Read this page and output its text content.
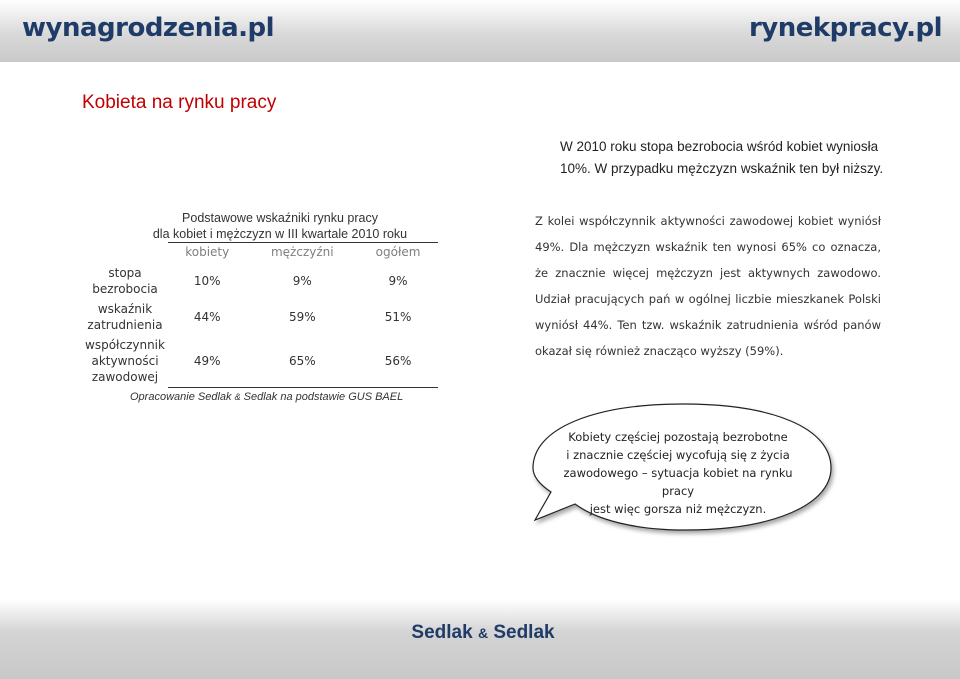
wynagrodzenia.pl	rynekpracy.pl
Kobieta na rynku pracy
W 2010 roku stopa bezrobocia wśród kobiet wyniosła 10%. W przypadku mężczyzn wskaźnik ten był niższy.
Podstawowe wskaźniki rynku pracy
dla kobiet i mężczyzn w III kwartale 2010 roku
	kobiety	mężczyźni	ogółem
stopa bezrobocia	10%	9%	9%
wskaźnik zatrudnienia	44%	59%	51%
współczynnik aktywności zawodowej	49%	65%	56%
Opracowanie Sedlak & Sedlak na podstawie GUS BAEL
Z kolei współczynnik aktywności zawodowej kobiet wyniósł 49%. Dla mężczyzn wskaźnik ten wynosi 65% co oznacza, że znacznie więcej mężczyzn jest aktywnych zawodowo. Udział pracujących pań w ogólnej liczbie mieszkanek Polski wyniósł 44%. Ten tzw. wskaźnik zatrudnienia wśród panów okazał się również znacząco wyższy (59%).
Kobiety częściej pozostają bezrobotne
i znacznie częściej wycofują się z życia
zawodowego – sytuacja kobiet na rynku pracy
jest więc gorsza niż mężczyzn.
Sedlak & Sedlak
